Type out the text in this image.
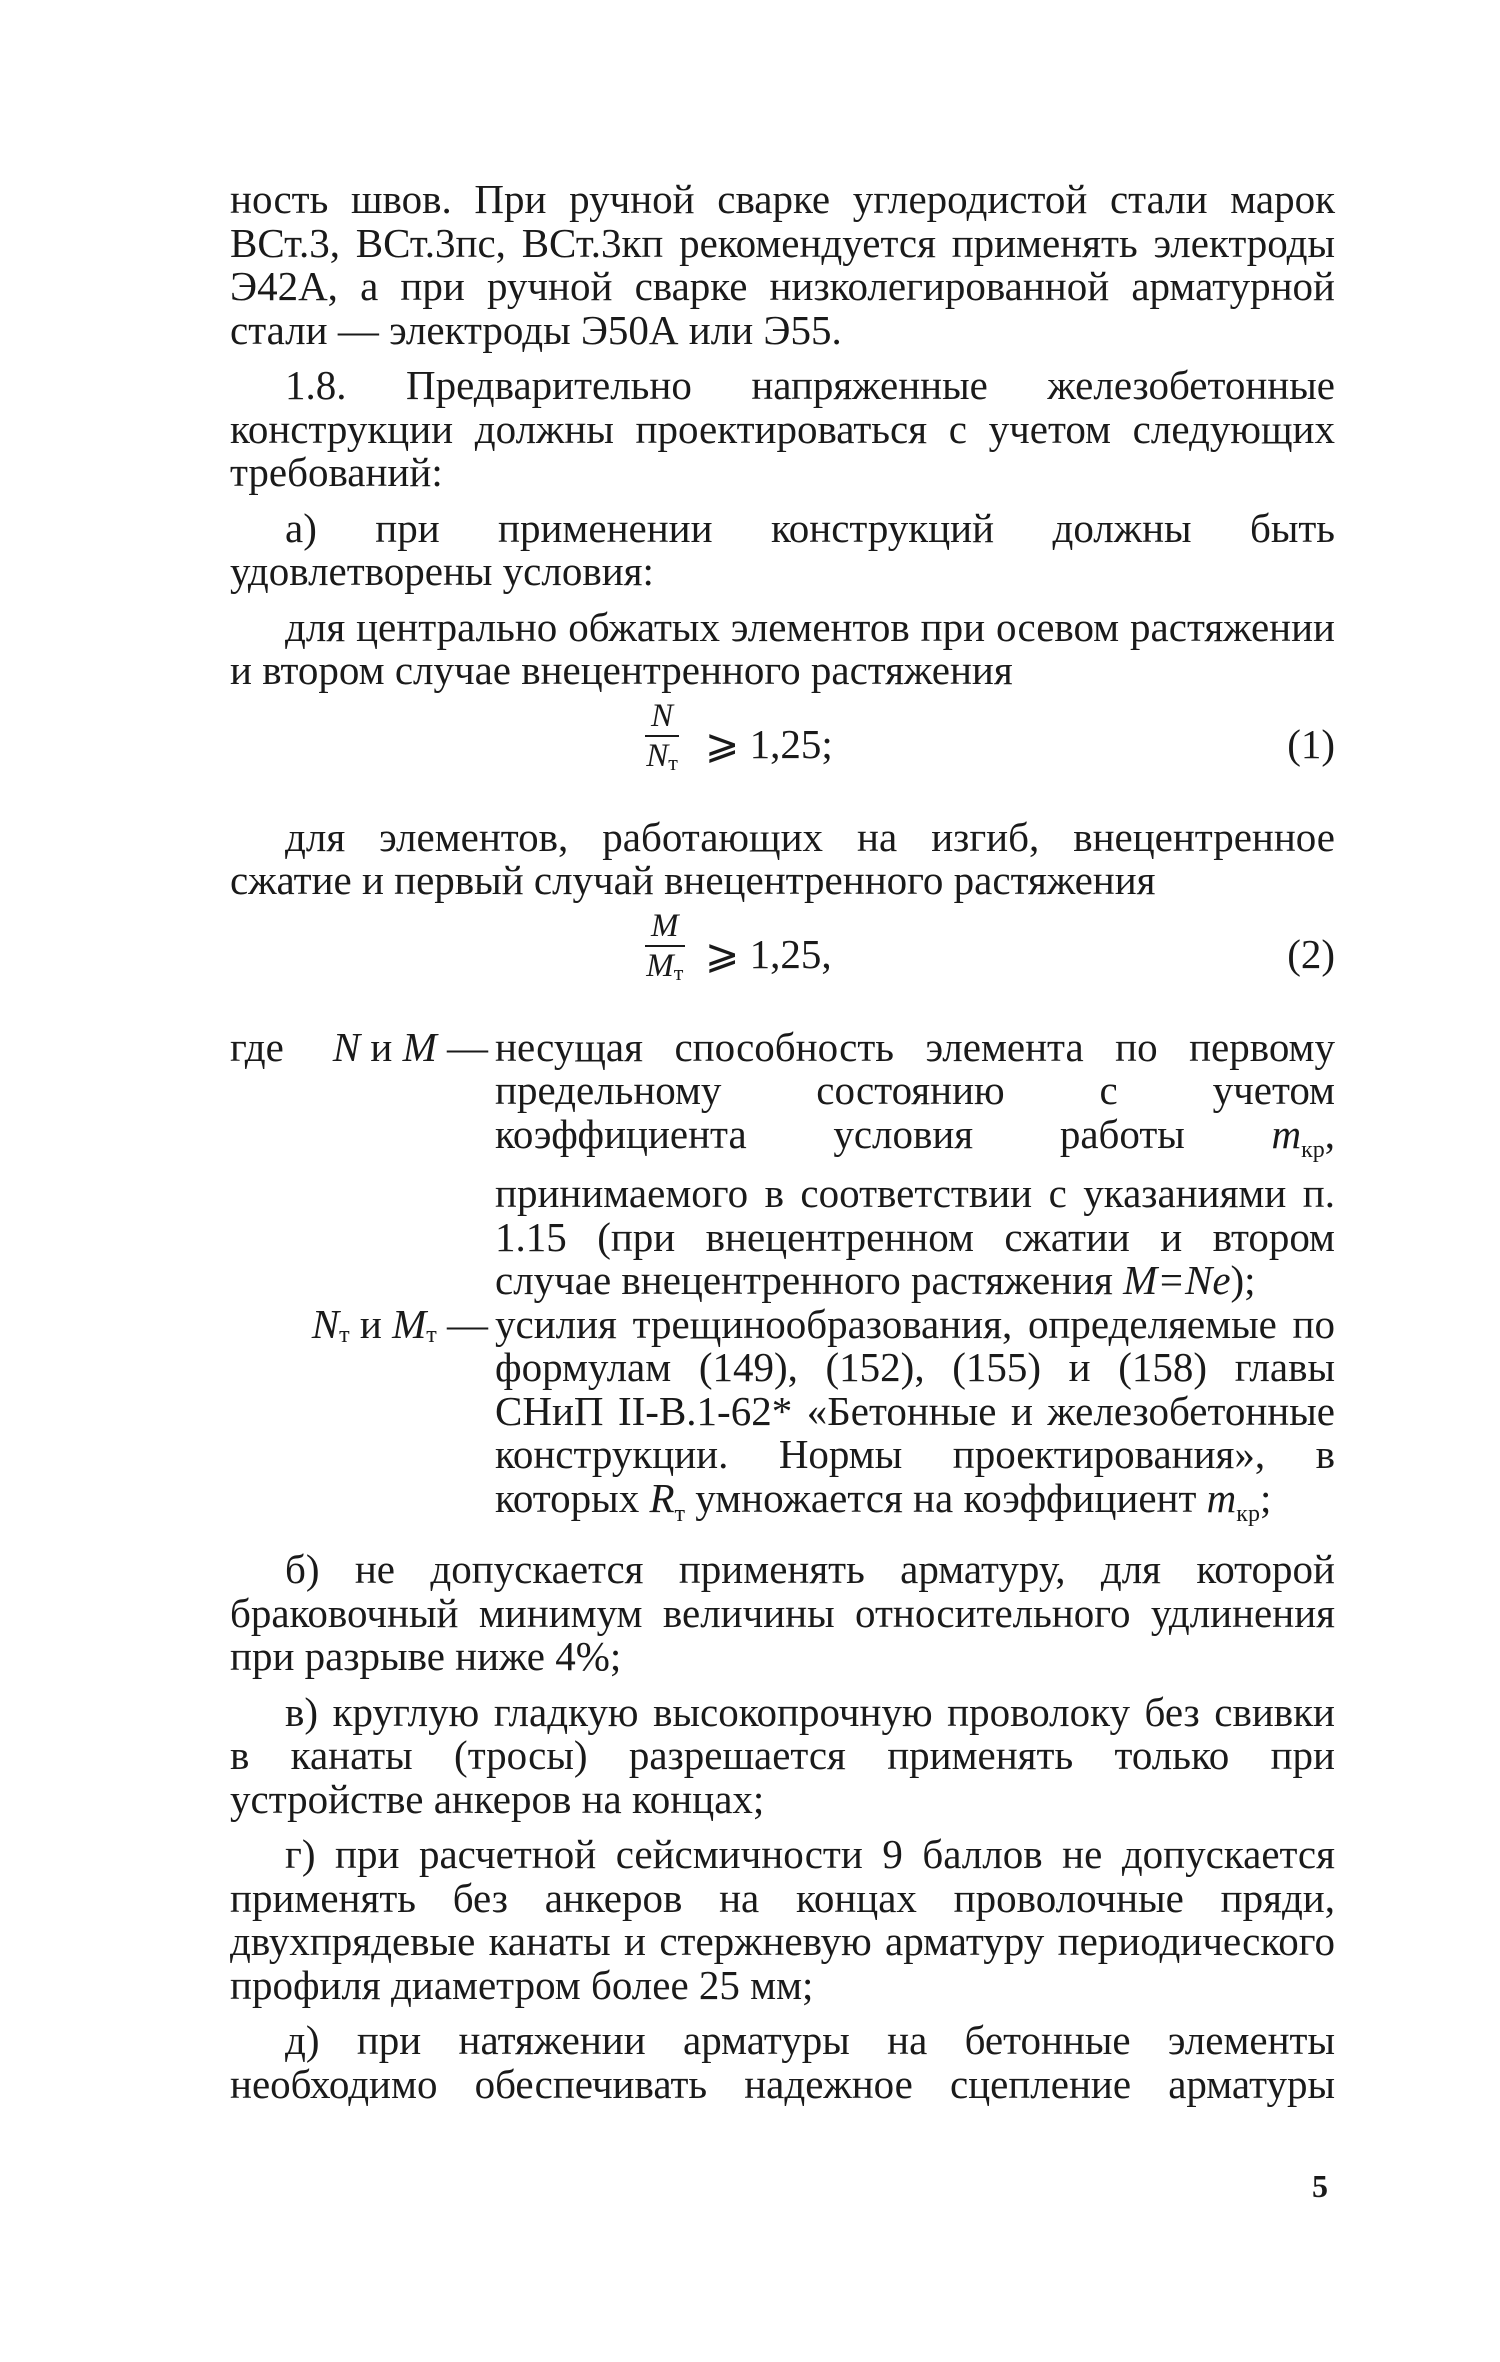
ность швов. При ручной сварке углеродистой стали марок ВСт.3, ВСт.3пс, ВСт.3кп рекомендуется применять электроды Э42А, а при ручной сварке низколегированной арматурной стали — электроды Э50А или Э55.

1.8. Предварительно напряженные железобетонные конструкции должны проектироваться с учетом следующих требований:

а) при применении конструкций должны быть удовлетворены условия:

для центрально обжатых элементов при осевом растяжении и втором случае внецентренного растяжения

N
$N_т$ ⩾ 1,25;	(1)

для элементов, работающих на изгиб, внецентренное сжатие и первый случай внецентренного растяжения

M
$M_т$ ⩾ 1,25,	(2)
где	N и M — несущая способность элемента по первому предельному состоянию с учетом коэффициента условия работы $m_{кр}$, принимаемого в соответствии с указаниями п. 1.15 (при внецентренном сжатии и втором случае внецентренного растяжения M=Ne);
$N_т$ и $M_т$ — усилия трещинообразования, определяемые по формулам (149), (152), (155) и (158) главы СНиП II-В.1-62* «Бетонные и железобетонные конструкции. Нормы проектирования», в которых $R_т$ умножается на коэффициент $m_{кр}$;

б) не допускается применять арматуру, для которой браковочный минимум величины относительного удлинения при разрыве ниже 4%;

в) круглую гладкую высокопрочную проволоку без свивки в канаты (тросы) разрешается применять только при устройстве анкеров на концах;

г) при расчетной сейсмичности 9 баллов не допускается применять без анкеров на концах проволочные пряди, двухпрядевые канаты и стержневую арматуру периодического профиля диаметром более 25 мм;

д) при натяжении арматуры на бетонные элементы
необходимо обеспечивать надежное сцепление арматуры

5
